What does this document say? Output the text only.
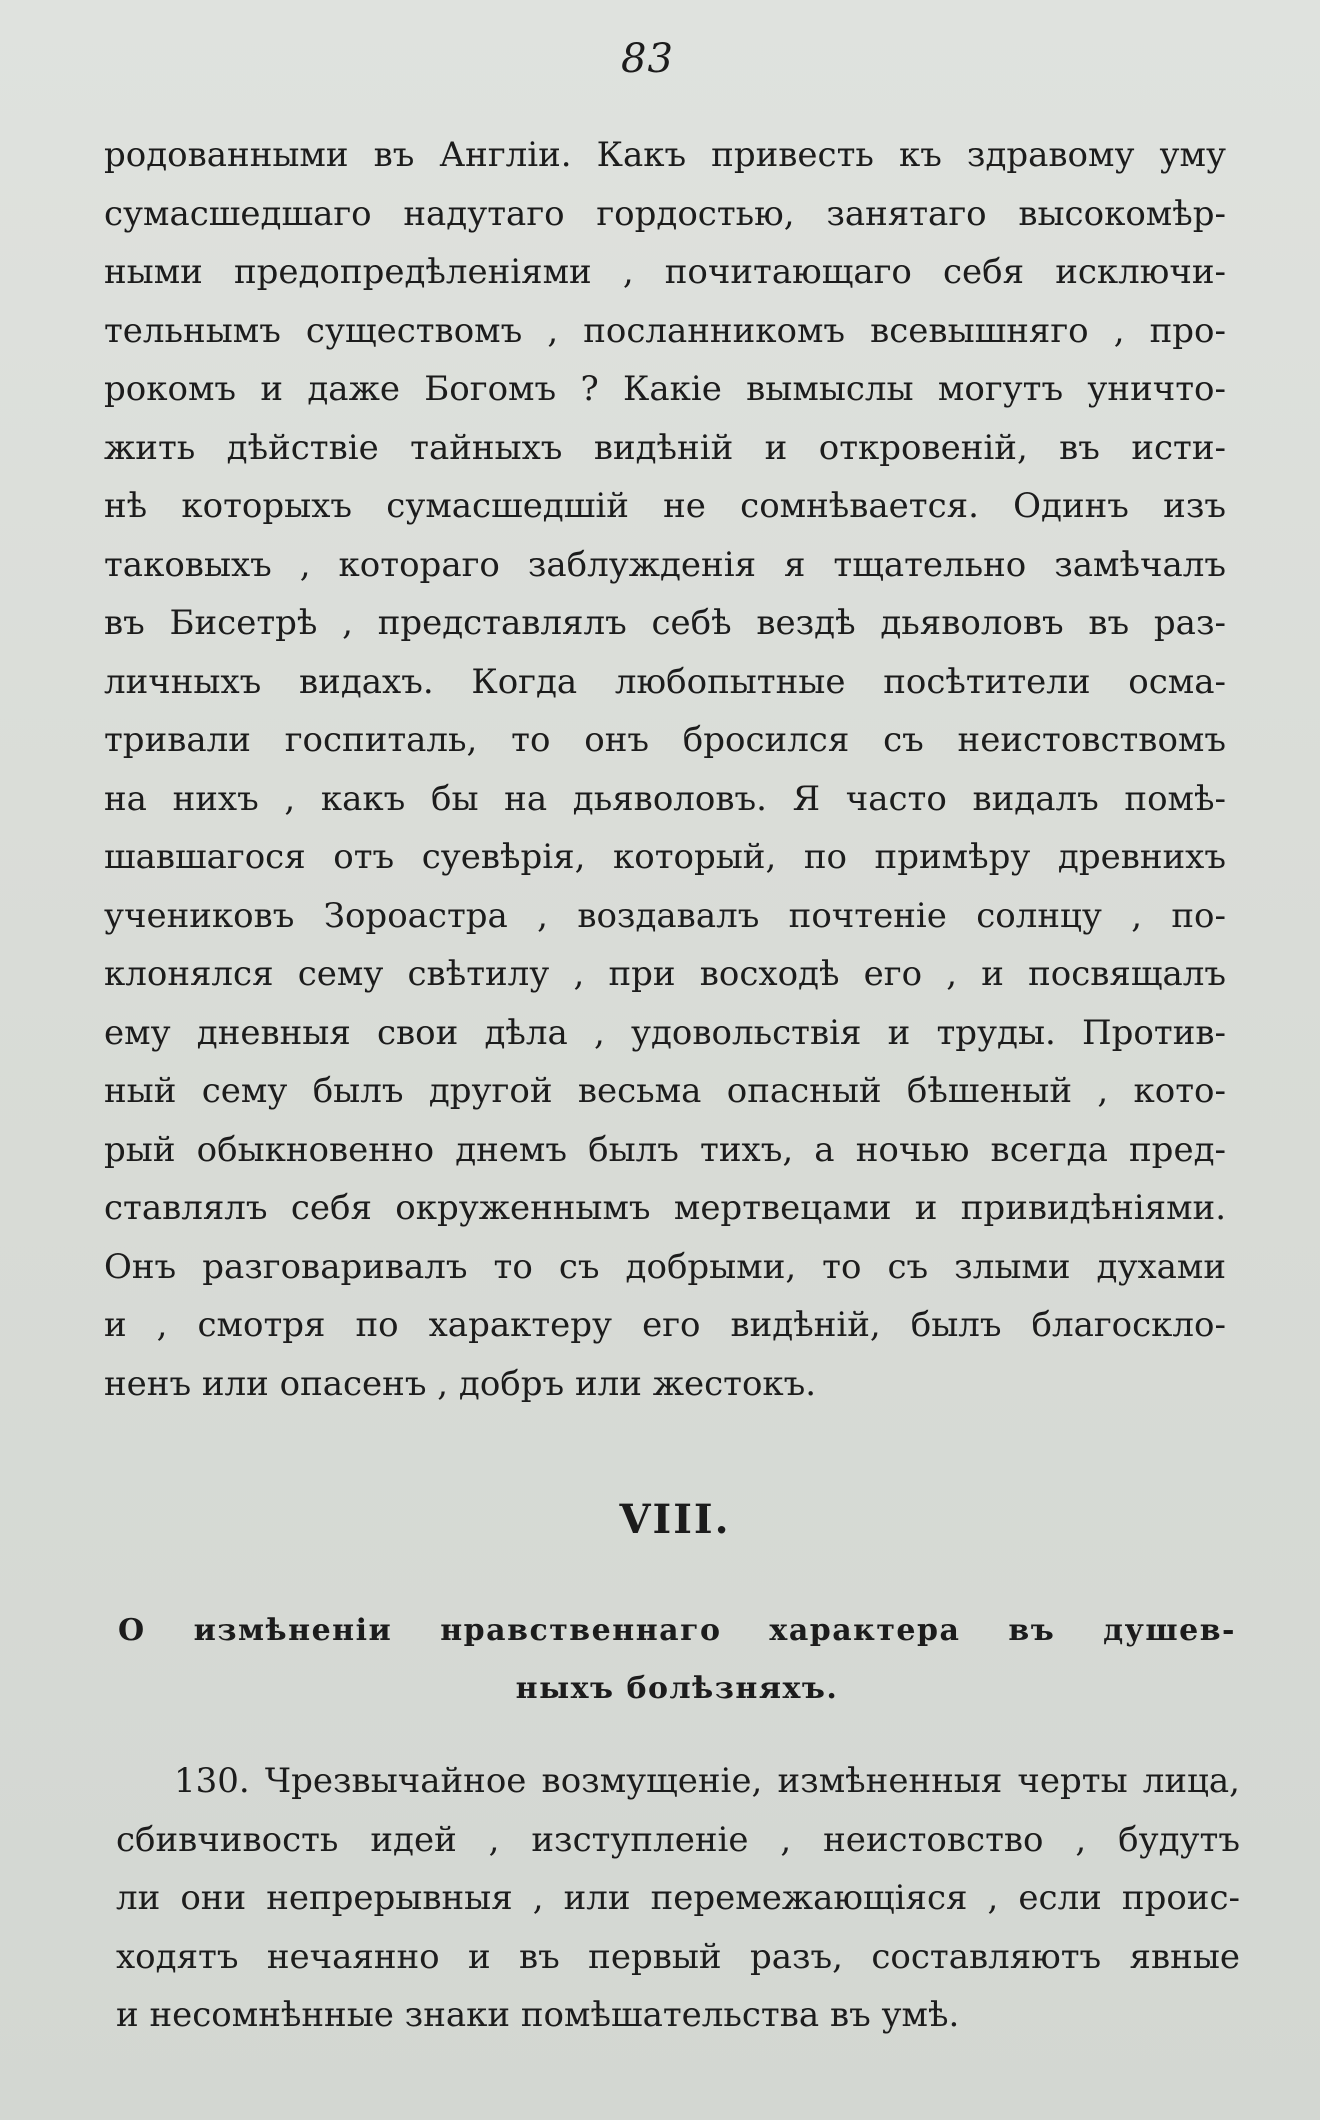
83
родованными въ Англіи. Какъ привесть къ здравому уму
сумасшедшаго надутаго гордостью, занятаго высокомѣр-
ными предопредѣленіями , почитающаго себя исключи-
тельнымъ существомъ , посланникомъ всевышняго , про-
рокомъ и даже Богомъ ? Какіе вымыслы могутъ уничто-
жить дѣйствіе тайныхъ видѣній и откровеній, въ исти-
нѣ которыхъ сумасшедшій не сомнѣвается. Одинъ изъ
таковыхъ , котораго заблужденія я тщательно замѣчалъ
въ Бисетрѣ , представлялъ себѣ вездѣ дьяволовъ въ раз-
личныхъ видахъ. Когда любопытные посѣтители осма-
тривали госпиталь, то онъ бросился съ неистовствомъ
на нихъ , какъ бы на дьяволовъ. Я часто видалъ помѣ-
шавшагося отъ суевѣрія, который, по примѣру древнихъ
учениковъ Зороастра , воздавалъ почтеніе солнцу , по-
клонялся сему свѣтилу , при восходѣ его , и посвящалъ
ему дневныя свои дѣла , удовольствія и труды. Против-
ный сему былъ другой весьма опасный бѣшеный , кото-
рый обыкновенно днемъ былъ тихъ, а ночью всегда пред-
ставлялъ себя окруженнымъ мертвецами и привидѣніями.
Онъ разговаривалъ то съ добрыми, то съ злыми духами
и , смотря по характеру его видѣній, былъ благосклo-
ненъ или опасенъ , добръ или жестокъ.
VIII.
О измѣненіи нравственнаго характера въ душев-
ныхъ болѣзняхъ.
130. Чрезвычайное возмущеніе, измѣненныя черты лица,
сбивчивость идей , изступленіе , неистовство , будутъ
ли они непрерывныя , или перемежающіяся , если проис-
ходятъ нечаянно и въ первый разъ, составляютъ явные
и несомнѣнные знаки помѣшательства въ умѣ.
